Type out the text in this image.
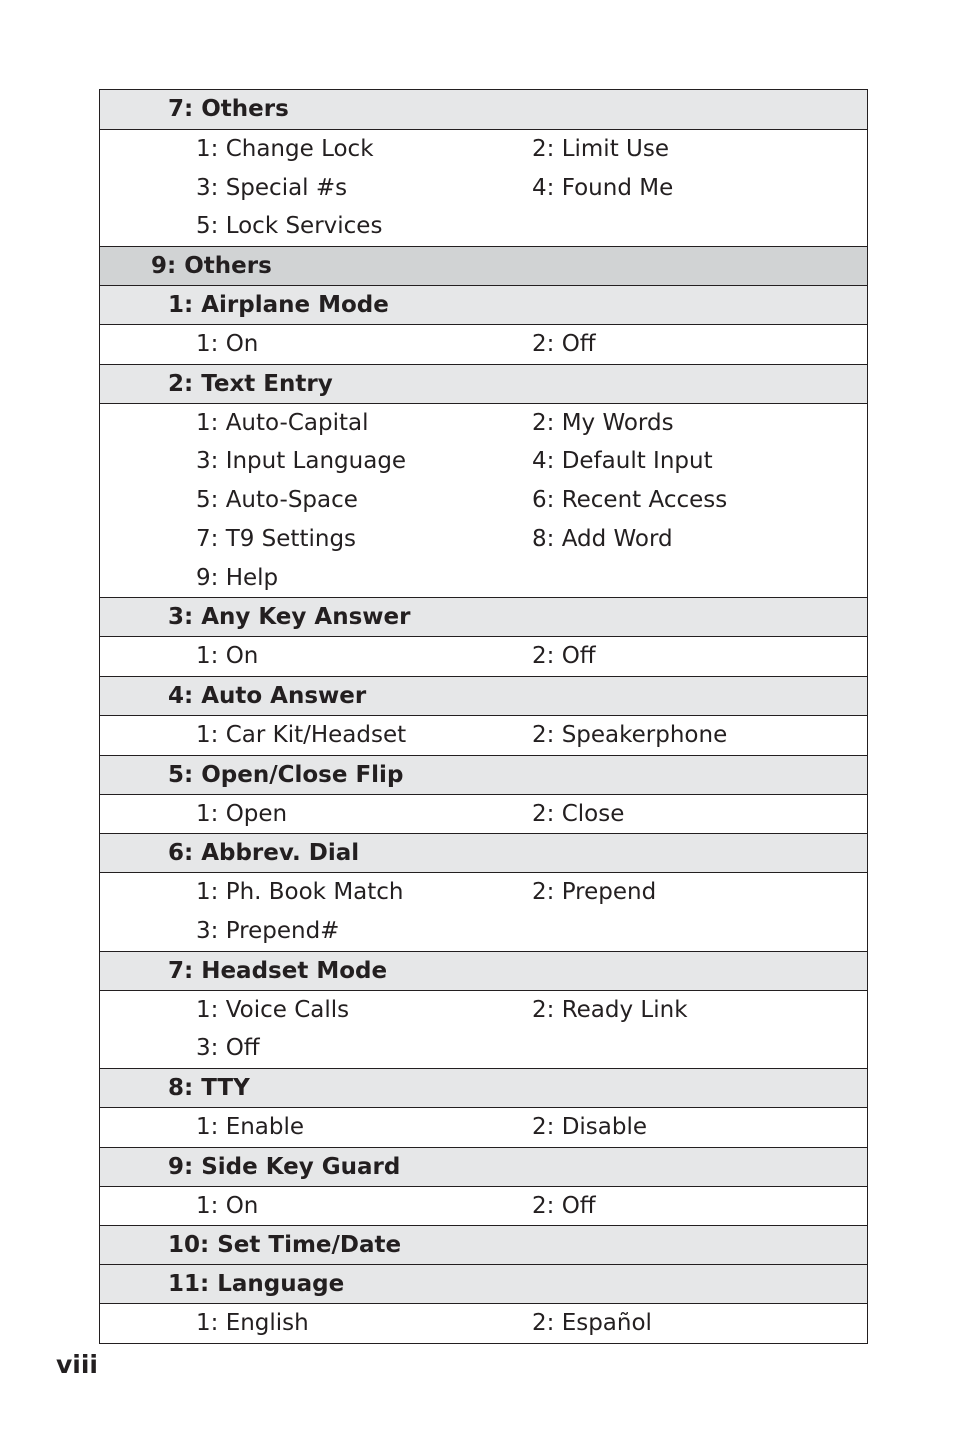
7: Others
1: Change Lock	2: Limit Use
3: Special #s	4: Found Me
5: Lock Services
9: Others
1: Airplane Mode
1: On	2: Off
2: Text Entry
1: Auto-Capital	2: My Words
3: Input Language	4: Default Input
5: Auto-Space	6: Recent Access
7: T9 Settings	8: Add Word
9: Help
3: Any Key Answer
1: On	2: Off
4: Auto Answer
1: Car Kit/Headset	2: Speakerphone
5: Open/Close Flip
1: Open	2: Close
6: Abbrev. Dial
1: Ph. Book Match	2: Prepend
3: Prepend#
7: Headset Mode
1: Voice Calls	2: Ready Link
3: Off
8: TTY
1: Enable	2: Disable
9: Side Key Guard
1: On	2: Off
10: Set Time/Date
11: Language
1: English	2: Español
viii
